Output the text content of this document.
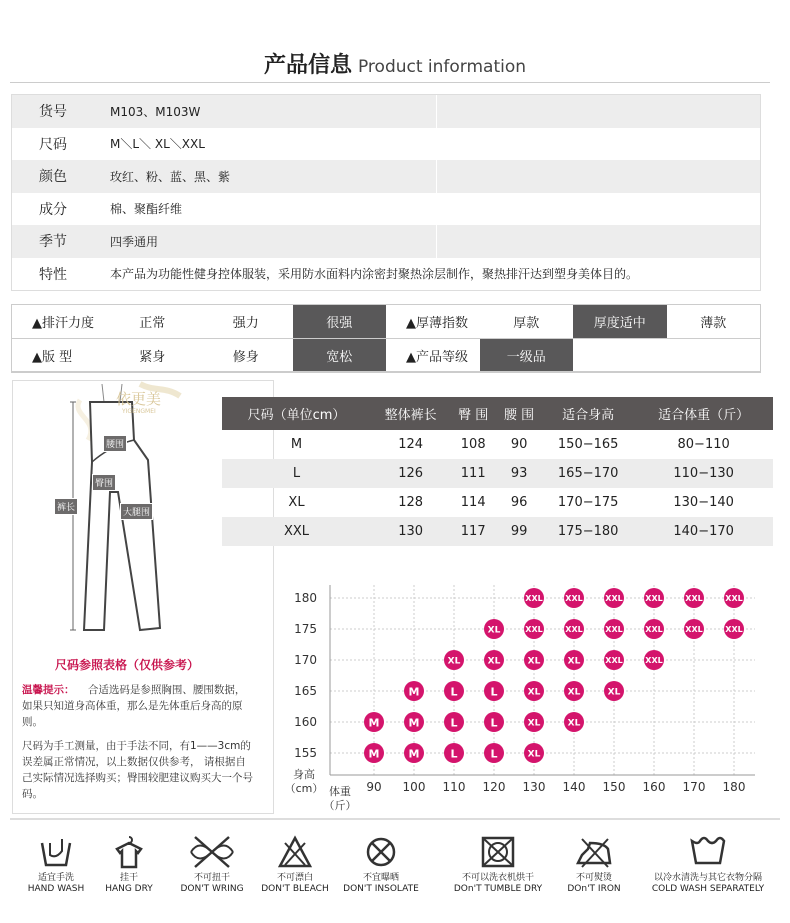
产品信息 Product information
货号	M103、M103W
尺码	M＼L＼ XL＼XXL
颜色	玫红、粉、蓝、黑、紫
成分	棉、聚酯纤维
季节	四季通用
特性	本产品为功能性健身控体服装，采用防水面料内涂密封聚热涂层制作，聚热排汗达到塑身美体目的。
▲排汗力度	正常	强力	很强	▲厚薄指数	厚款	厚度适中	薄款
▲版 型	紧身	修身	宽松	▲产品等级	一级品
依更美
YIGENGMEI
腰围
臀围
裤长	大腿围
尺码（单位cm）	整体裤长	臀 围	腰 围	适合身高	适合体重（斤）
M	124	108	90	150−165	80−110
L	126	111	93	165−170	110−130
XL	128	114	96	170−175	130−140
XXL	130	117	99	175−180	140−170
155
160
165
170
175
180
90 100 110 120 130 140 150 160 170 180
身高
（cm） 体重
（斤）
M	M	L	L	XL
M	M	L	L	XL	XL
M	L	L	XL	XL	XL
XL	XL	XL	XL	XXL	XXL
XL	XXL	XXL	XXL	XXL	XXL	XXL
XXL	XXL	XXL	XXL	XXL	XXL
尺码参照表格（仅供参考）
温馨提示： 合适选码是参照胸围、腰围数据，如果只知道身高体重，那么是先体重后身高的原则。
尺码为手工测量，由于手法不同，有1——3cm的误差属正常情况，以上数据仅供参考， 请根据自己实际情况选择购买；臀围较肥建议购买大一个号码。
适宜手洗
HAND WASH
挂干
HANG DRY
不可扭干
DON'T WRING
不可漂白
DON'T BLEACH
不宜曝晒
DON'T INSOLATE
不可以洗衣机烘干
DOn'T TUMBLE DRY
不可熨烫
DOn'T IRON
以冷水清洗与其它衣物分隔
COLD WASH SEPARATELY
